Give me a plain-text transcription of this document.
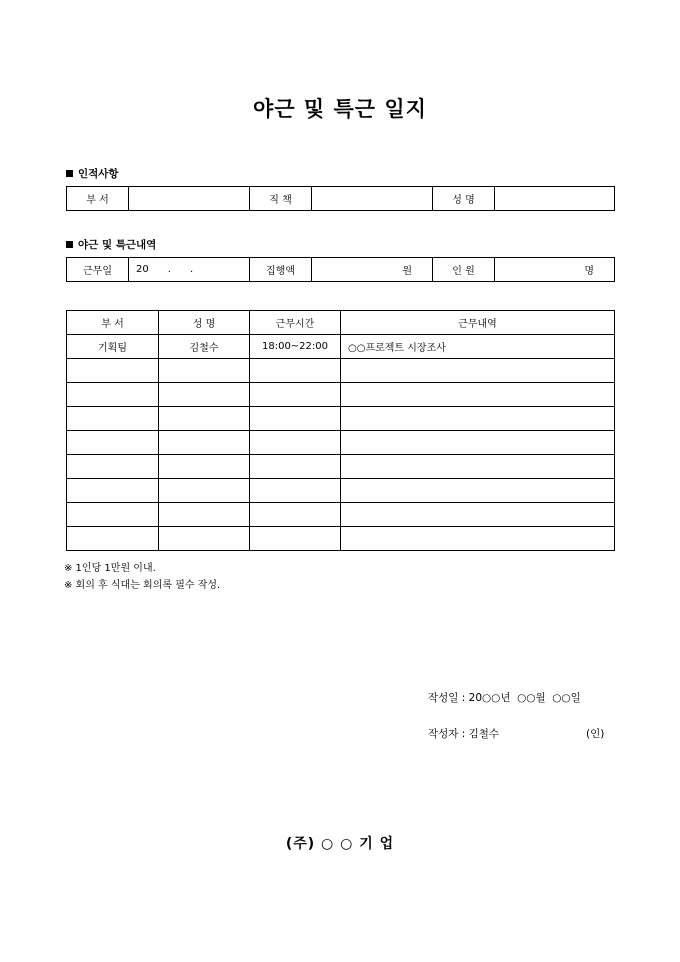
야근 및 특근 일지
인적사항
부 서		직 책		성 명	
야근 및 특근내역
근무일	20      .      .	집행액	원	인 원	명
부 서	성 명	근무시간	근무내역
기획팀	김철수	18:00~22:00	○○프로젝트 시장조사

※ 1인당 1만원 이내.
※ 회의 후 식대는 회의록 필수 작성.
작성일 : 20○○년  ○○월  ○○일
작성자 : 김철수	(인)
(주) ○ ○ 기 업
